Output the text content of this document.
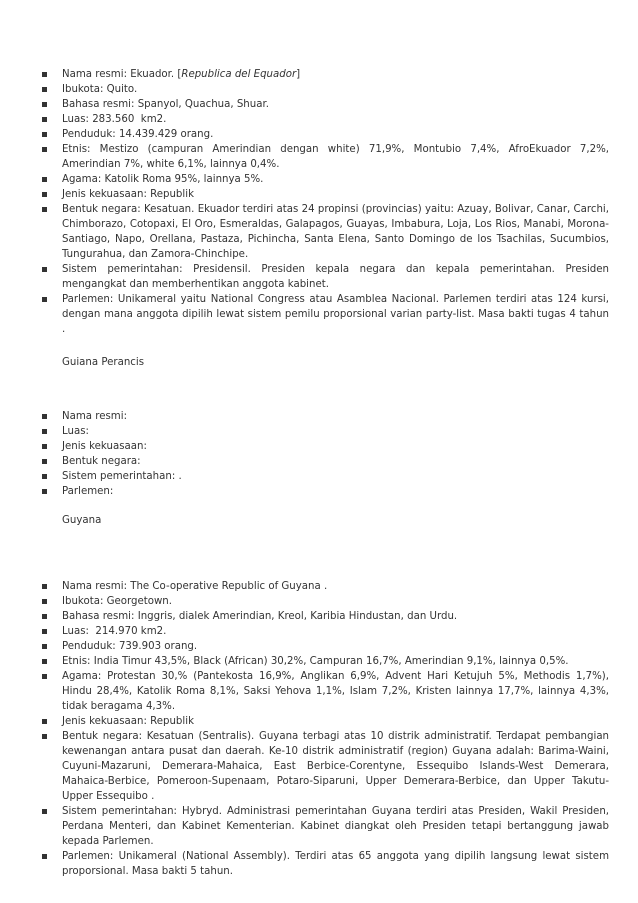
Nama resmi : Ekuador. [Republica del Equador]
Ibukota : Quito.
Bahasa resmi : Spanyol, Quachua, Shuar.
Luas : 283.560  km2.
Penduduk : 14.439.429 orang.
Etnis : Mestizo (campuran Amerindian dengan white) 71,9%, Montubio 7,4%, AfroEkuador 7,2%, Amerindian 7%, white 6,1%, lainnya 0,4%.
Agama : Katolik Roma 95%, lainnya 5%.
Jenis kekuasaan : Republik
Bentuk negara : Kesatuan. Ekuador terdiri atas 24 propinsi (provincias) yaitu: Azuay, Bolivar, Canar, Carchi, Chimborazo, Cotopaxi, El Oro, Esmeraldas, Galapagos, Guayas, Imbabura, Loja, Los Rios, Manabi, Morona-Santiago, Napo, Orellana, Pastaza, Pichincha, Santa Elena, Santo Domingo de los Tsachilas, Sucumbios, Tungurahua, dan Zamora-Chinchipe.
Sistem pemerintahan : Presidensil. Presiden kepala negara dan kepala pemerintahan. Presiden mengangkat dan memberhentikan anggota kabinet.
Parlemen : Unikameral yaitu National Congress atau Asamblea Nacional. Parlemen terdiri atas 124 kursi, dengan mana anggota dipilih lewat sistem pemilu proporsional varian party-list. Masa bakti tugas 4 tahun .
Guiana Perancis
Nama resmi :
Luas :
Jenis kekuasaan :
Bentuk negara :
Sistem pemerintahan : .
Parlemen :
Guyana
Nama resmi : The Co-operative Republic of Guyana .
Ibukota : Georgetown.
Bahasa resmi : Inggris, dialek Amerindian, Kreol, Karibia Hindustan, dan Urdu.
Luas :  214.970 km2.
Penduduk : 739.903 orang.
Etnis : India Timur 43,5%, Black (African) 30,2%, Campuran 16,7%, Amerindian 9,1%, lainnya 0,5%.
Agama : Protestan 30,% (Pantekosta 16,9%, Anglikan 6,9%, Advent Hari Ketujuh 5%, Methodis 1,7%), Hindu 28,4%, Katolik Roma 8,1%, Saksi Yehova 1,1%, Islam 7,2%, Kristen lainnya 17,7%, lainnya 4,3%, tidak beragama 4,3%.
Jenis kekuasaan : Republik
Bentuk negara : Kesatuan (Sentralis). Guyana terbagi atas 10 distrik administratif. Terdapat pembangian kewenangan antara pusat dan daerah. Ke-10 distrik administratif (region) Guyana adalah: Barima-Waini, Cuyuni-Mazaruni, Demerara-Mahaica, East Berbice-Corentyne, Essequibo Islands-West Demerara, Mahaica-Berbice, Pomeroon-Supenaam, Potaro-Siparuni, Upper Demerara-Berbice, dan Upper Takutu-Upper Essequibo .
Sistem pemerintahan : Hybryd. Administrasi pemerintahan Guyana terdiri atas Presiden, Wakil Presiden, Perdana Menteri, dan Kabinet Kementerian. Kabinet diangkat oleh Presiden tetapi bertanggung jawab kepada Parlemen.
Parlemen : Unikameral (National Assembly). Terdiri atas 65 anggota yang dipilih langsung lewat sistem proporsional. Masa bakti 5 tahun.
